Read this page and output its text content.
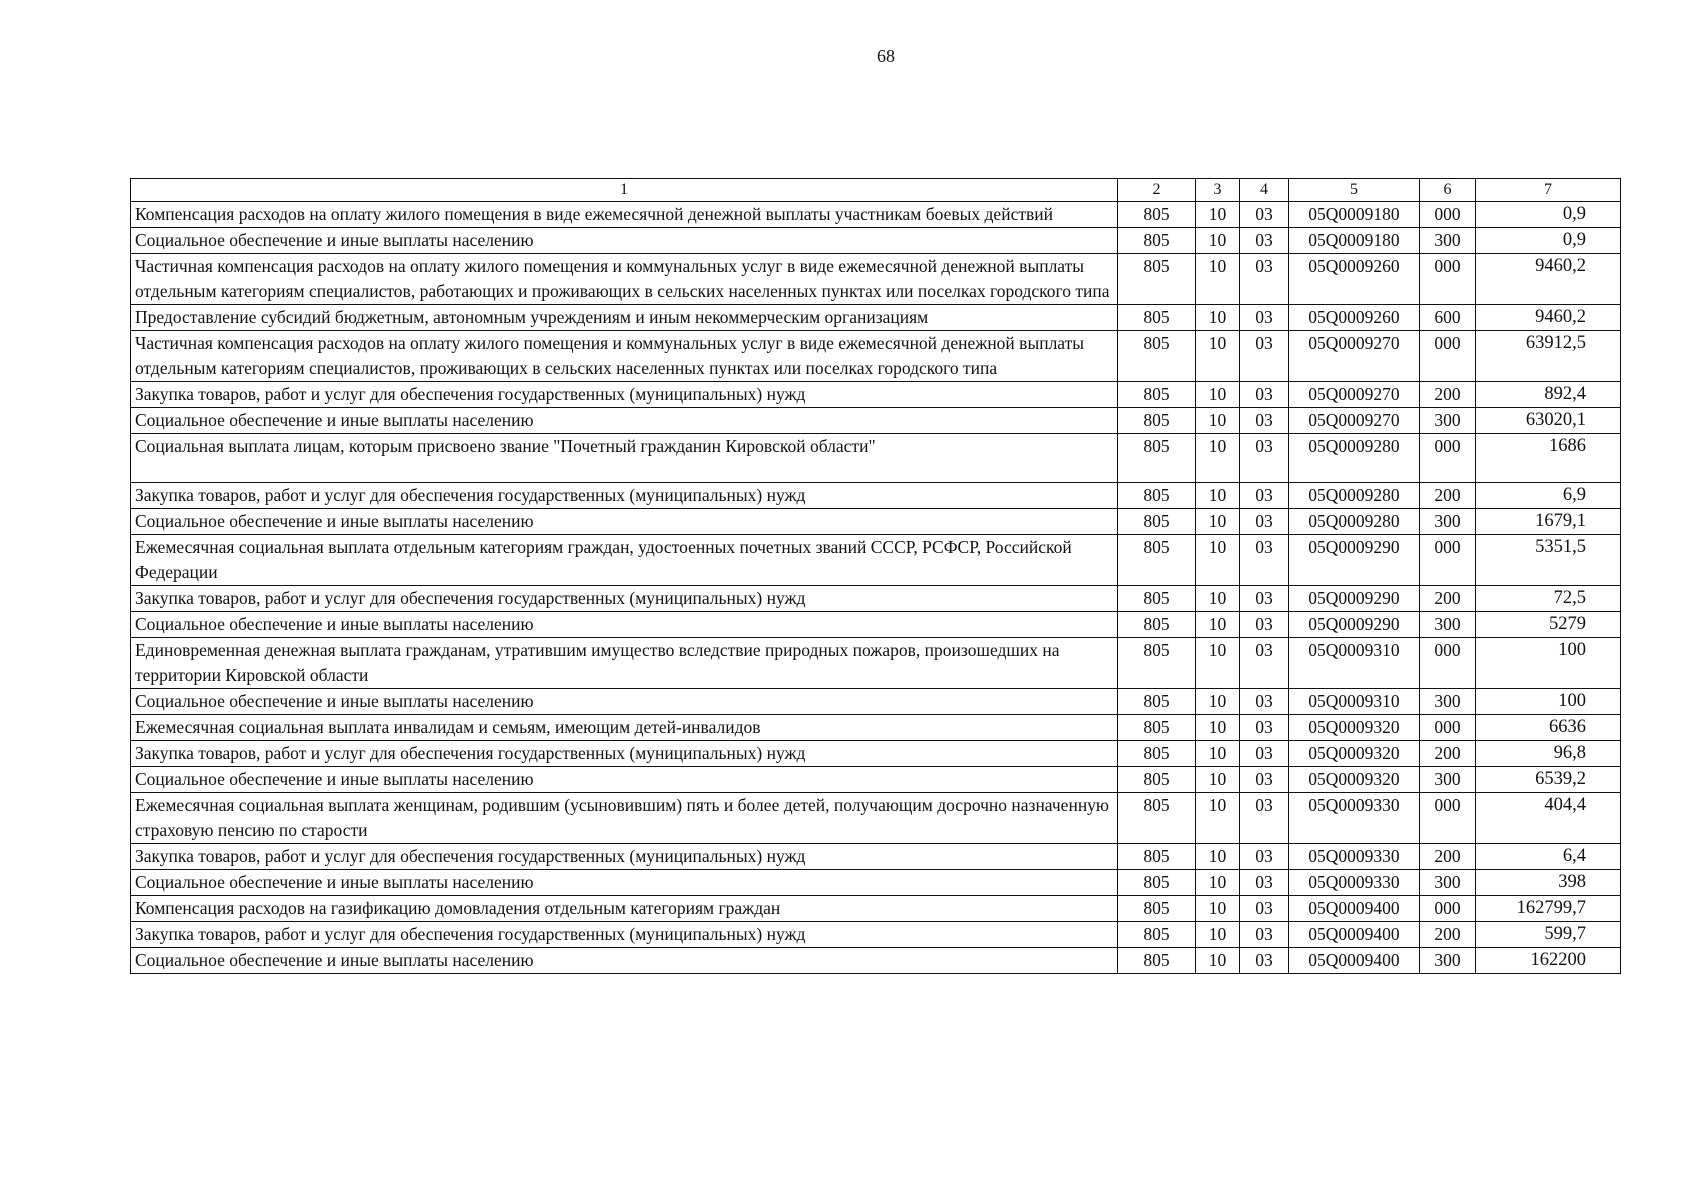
68
1	2	3	4	5	6	7
Компенсация расходов на оплату жилого помещения в виде ежемесячной денежной выплаты участникам боевых действий	805	10	03	05Q0009180	000	0,9
Социальное обеспечение и иные выплаты населению	805	10	03	05Q0009180	300	0,9
Частичная компенсация расходов на оплату жилого помещения и коммунальных услуг в виде ежемесячной денежной выплаты отдельным категориям специалистов, работающих и проживающих в сельских населенных пунктах или поселках городского типа	805	10	03	05Q0009260	000	9460,2
Предоставление субсидий бюджетным, автономным учреждениям и иным некоммерческим организациям	805	10	03	05Q0009260	600	9460,2
Частичная компенсация расходов на оплату жилого помещения и коммунальных услуг в виде ежемесячной денежной выплаты отдельным категориям специалистов, проживающих в сельских населенных пунктах или поселках городского типа	805	10	03	05Q0009270	000	63912,5
Закупка товаров, работ и услуг для обеспечения государственных (муниципальных) нужд	805	10	03	05Q0009270	200	892,4
Социальное обеспечение и иные выплаты населению	805	10	03	05Q0009270	300	63020,1
Социальная выплата лицам, которым присвоено звание "Почетный гражданин Кировской области"	805	10	03	05Q0009280	000	1686
Закупка товаров, работ и услуг для обеспечения государственных (муниципальных) нужд	805	10	03	05Q0009280	200	6,9
Социальное обеспечение и иные выплаты населению	805	10	03	05Q0009280	300	1679,1
Ежемесячная социальная выплата отдельным категориям граждан, удостоенных почетных званий СССР, РСФСР, Российской Федерации	805	10	03	05Q0009290	000	5351,5
Закупка товаров, работ и услуг для обеспечения государственных (муниципальных) нужд	805	10	03	05Q0009290	200	72,5
Социальное обеспечение и иные выплаты населению	805	10	03	05Q0009290	300	5279
Единовременная денежная выплата гражданам, утратившим имущество вследствие природных пожаров, произошедших на территории Кировской области	805	10	03	05Q0009310	000	100
Социальное обеспечение и иные выплаты населению	805	10	03	05Q0009310	300	100
Ежемесячная социальная выплата инвалидам и семьям, имеющим детей-инвалидов	805	10	03	05Q0009320	000	6636
Закупка товаров, работ и услуг для обеспечения государственных (муниципальных) нужд	805	10	03	05Q0009320	200	96,8
Социальное обеспечение и иные выплаты населению	805	10	03	05Q0009320	300	6539,2
Ежемесячная социальная выплата женщинам, родившим (усыновившим) пять и более детей, получающим досрочно назначенную страховую пенсию по старости	805	10	03	05Q0009330	000	404,4
Закупка товаров, работ и услуг для обеспечения государственных (муниципальных) нужд	805	10	03	05Q0009330	200	6,4
Социальное обеспечение и иные выплаты населению	805	10	03	05Q0009330	300	398
Компенсация расходов на газификацию домовладения отдельным категориям граждан	805	10	03	05Q0009400	000	162799,7
Закупка товаров, работ и услуг для обеспечения государственных (муниципальных) нужд	805	10	03	05Q0009400	200	599,7
Социальное обеспечение и иные выплаты населению	805	10	03	05Q0009400	300	162200
